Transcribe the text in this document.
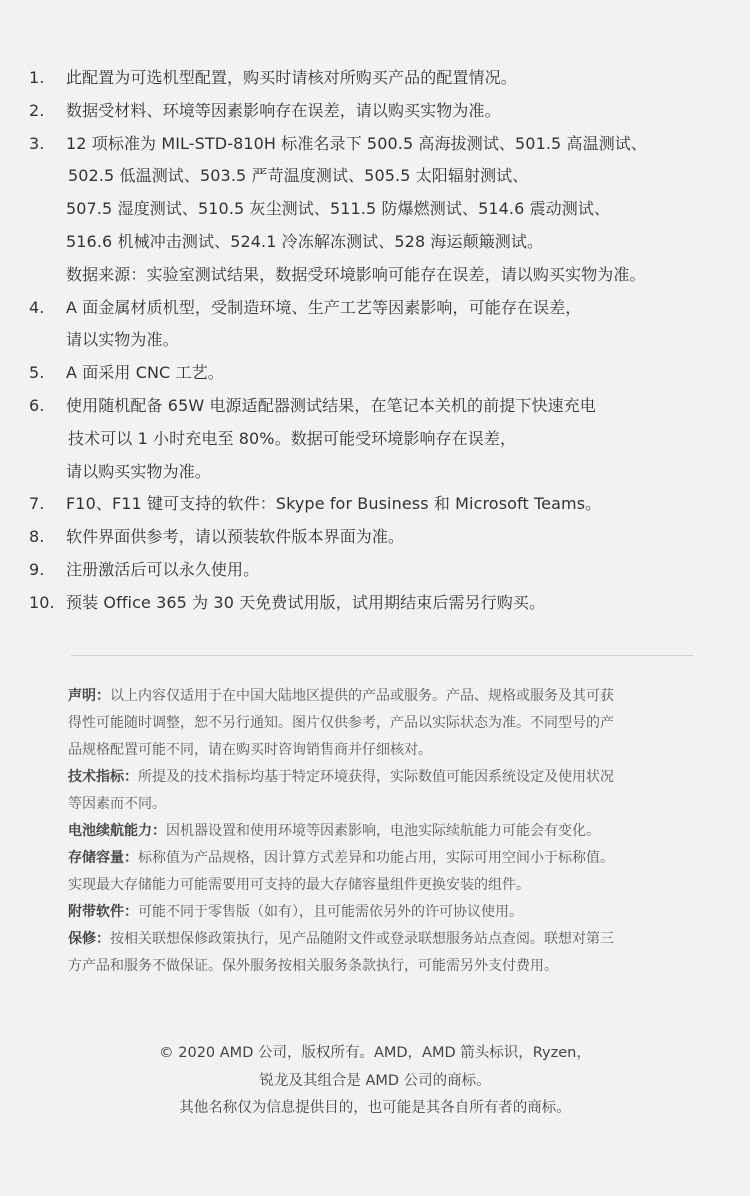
1. 此配置为可选机型配置，购买时请核对所购买产品的配置情况。
2. 数据受材料、环境等因素影响存在误差，请以购买实物为准。
3. 12 项标准为 MIL-STD-810H 标准名录下 500.5 高海拔测试、501.5 高温测试、
502.5 低温测试、503.5 严苛温度测试、505.5 太阳辐射测试、
507.5 湿度测试、510.5 灰尘测试、511.5 防爆燃测试、514.6 震动测试、
516.6 机械冲击测试、524.1 冷冻解冻测试、528 海运颠簸测试。
数据来源：实验室测试结果，数据受环境影响可能存在误差，请以购买实物为准。
4. A 面金属材质机型，受制造环境、生产工艺等因素影响，可能存在误差，
请以实物为准。
5. A 面采用 CNC 工艺。
6. 使用随机配备 65W 电源适配器测试结果，在笔记本关机的前提下快速充电
技术可以 1 小时充电至 80%。数据可能受环境影响存在误差，
请以购买实物为准。
7. F10、F11 键可支持的软件：Skype for Business 和 Microsoft Teams。
8. 软件界面供参考，请以预装软件版本界面为准。
9. 注册激活后可以永久使用。
10. 预装 Office 365 为 30 天免费试用版，试用期结束后需另行购买。
声明：以上内容仅适用于在中国大陆地区提供的产品或服务。产品、规格或服务及其可获
得性可能随时调整，恕不另行通知。图片仅供参考，产品以实际状态为准。不同型号的产
品规格配置可能不同，请在购买时咨询销售商并仔细核对。
技术指标：所提及的技术指标均基于特定环境获得，实际数值可能因系统设定及使用状况
等因素而不同。
电池续航能力：因机器设置和使用环境等因素影响，电池实际续航能力可能会有变化。
存储容量：标称值为产品规格，因计算方式差异和功能占用，实际可用空间小于标称值。
实现最大存储能力可能需要用可支持的最大存储容量组件更换安装的组件。
附带软件：可能不同于零售版（如有），且可能需依另外的许可协议使用。
保修：按相关联想保修政策执行，见产品随附文件或登录联想服务站点查阅。联想对第三
方产品和服务不做保证。保外服务按相关服务条款执行，可能需另外支付费用。
© 2020 AMD 公司，版权所有。AMD，AMD 箭头标识，Ryzen，
锐龙及其组合是 AMD 公司的商标。
其他名称仅为信息提供目的，也可能是其各自所有者的商标。
